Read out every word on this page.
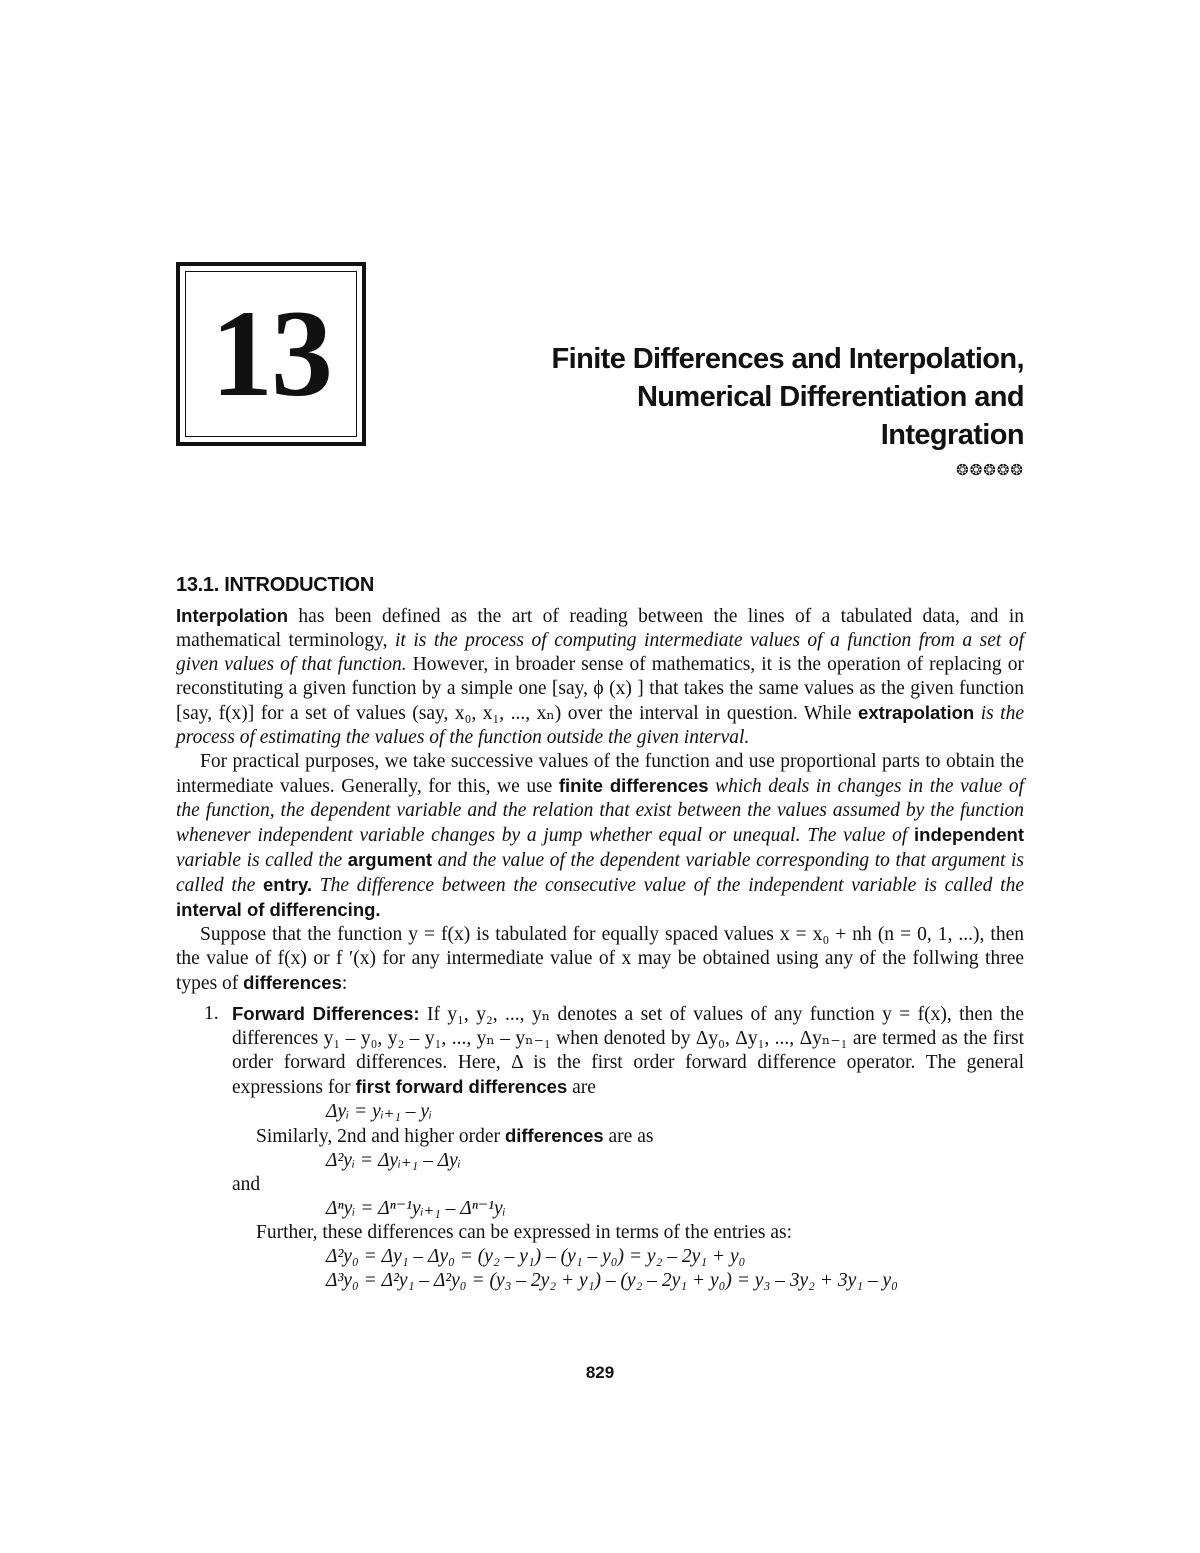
13	Finite Differences and Interpolation,
Numerical Differentiation and
Integration
❂❂❂❂❂
13.1. INTRODUCTION

Interpolation has been defined as the art of reading between the lines of a tabulated data, and in mathematical terminology, it is the process of computing intermediate values of a function from a set of given values of that function. However, in broader sense of mathematics, it is the operation of replacing or reconstituting a given function by a simple one [say, ϕ (x) ] that takes the same values as the given function [say, f(x)] for a set of values (say, x₀, x₁, ..., xₙ) over the interval in question. While extrapolation is the process of estimating the values of the function outside the given interval.

For practical purposes, we take successive values of the function and use proportional parts to obtain the intermediate values. Generally, for this, we use finite differences which deals in changes in the value of the function, the dependent variable and the relation that exist between the values assumed by the function whenever independent variable changes by a jump whether equal or unequal. The value of independent variable is called the argument and the value of the dependent variable corresponding to that argument is called the entry. The difference between the consecutive value of the independent variable is called the interval of differencing.

Suppose that the function y = f(x) is tabulated for equally spaced values x = x₀ + nh (n = 0, 1, ...), then the value of f(x) or f ′(x) for any intermediate value of x may be obtained using any of the follwing three types of differences:

1. Forward Differences: If y₁, y₂, ..., yₙ denotes a set of values of any function y = f(x), then the differences y₁ – y₀, y₂ – y₁, ..., yₙ – yₙ₋₁ when denoted by Δy₀, Δy₁, ..., Δyₙ₋₁ are termed as the first order forward differences. Here, Δ is the first order forward difference operator. The general expressions for first forward differences are

Δyᵢ = yᵢ₊₁ – yᵢ

Similarly, 2nd and higher order differences are as

Δ²yᵢ = Δyᵢ₊₁ – Δyᵢ

and

Δⁿyᵢ = Δⁿ⁻¹yᵢ₊₁ – Δⁿ⁻¹yᵢ

Further, these differences can be expressed in terms of the entries as:

Δ²y₀ = Δy₁ – Δy₀ = (y₂ – y₁) – (y₁ – y₀) = y₂ – 2y₁ + y₀

Δ³y₀ = Δ²y₁ – Δ²y₀ = (y₃ – 2y₂ + y₁) – (y₂ – 2y₁ + y₀) = y₃ – 3y₂ + 3y₁ – y₀

829
